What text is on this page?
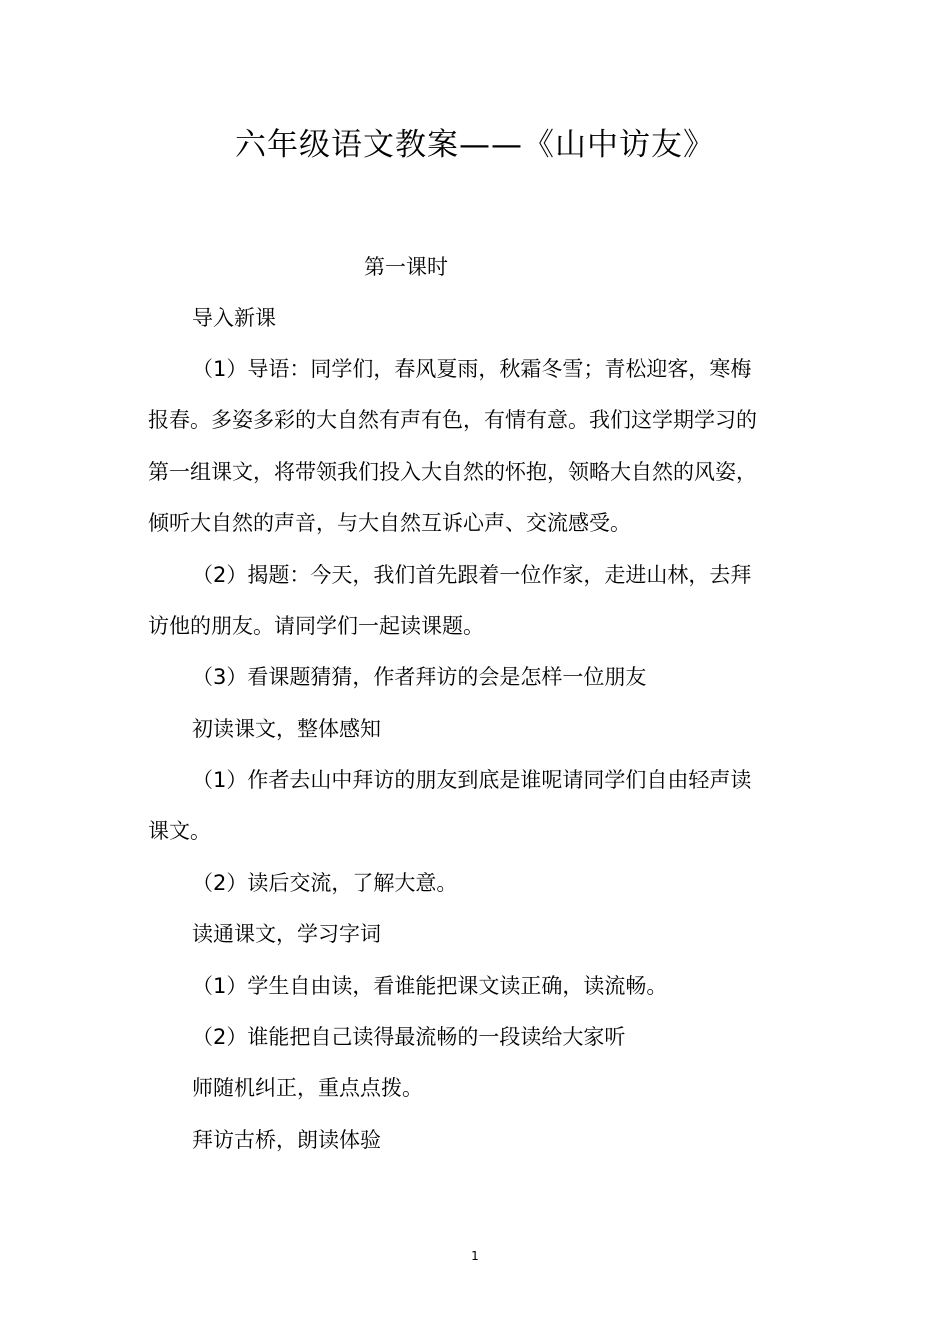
六年级语文教案——《山中访友》
第一课时
导入新课
（1）导语：同学们，春风夏雨，秋霜冬雪；青松迎客，寒梅
报春。多姿多彩的大自然有声有色，有情有意。我们这学期学习的
第一组课文，将带领我们投入大自然的怀抱，领略大自然的风姿，
倾听大自然的声音，与大自然互诉心声、交流感受。
（2）揭题：今天，我们首先跟着一位作家，走进山林，去拜
访他的朋友。请同学们一起读课题。
（3）看课题猜猜，作者拜访的会是怎样一位朋友
初读课文，整体感知
（1）作者去山中拜访的朋友到底是谁呢请同学们自由轻声读
课文。
（2）读后交流，了解大意。
读通课文，学习字词
（1）学生自由读，看谁能把课文读正确，读流畅。
（2）谁能把自己读得最流畅的一段读给大家听
师随机纠正，重点点拨。
拜访古桥，朗读体验
1
